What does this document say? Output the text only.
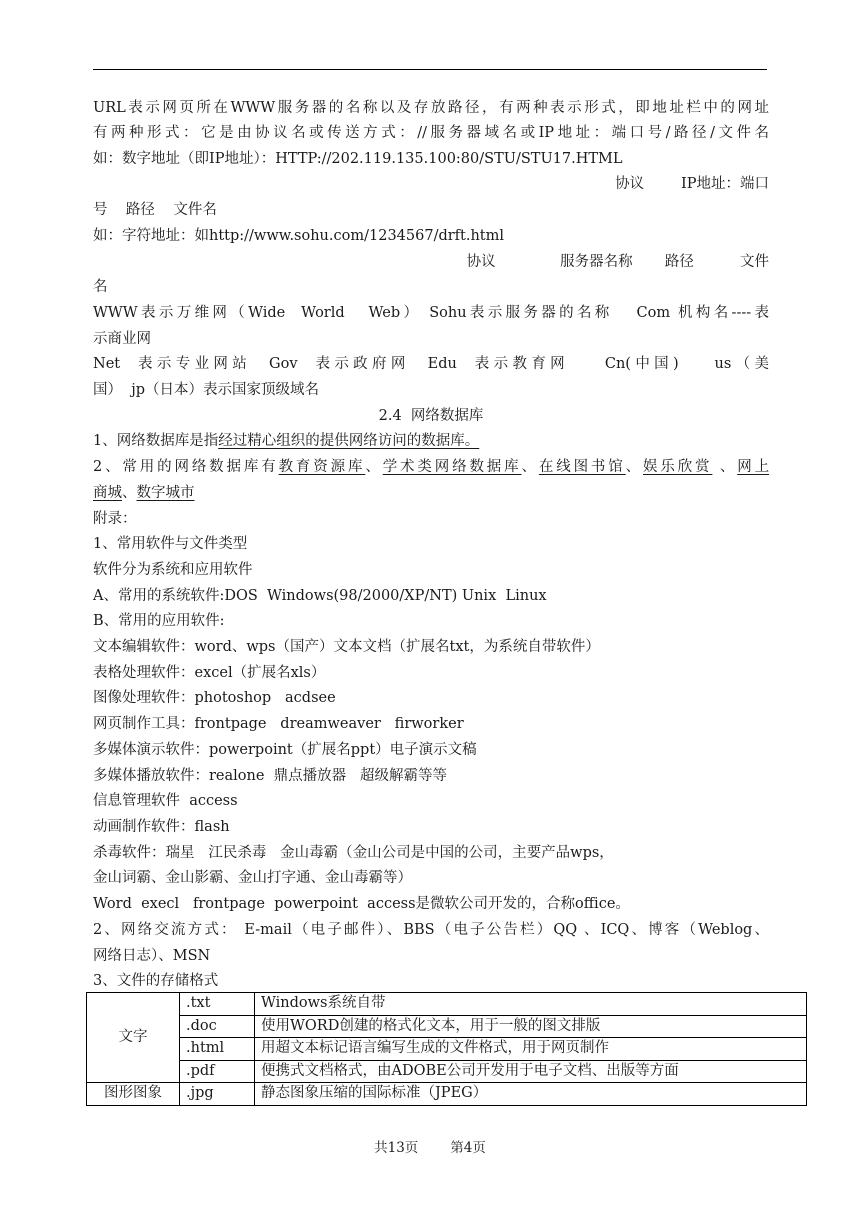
URL表示网页所在WWW服务器的名称以及存放路径，有两种表示形式，即地址栏中的网址

有两种形式：它是由协议名或传送方式：//服务器域名或IP地址：端口号/路径/文件名

如：数字地址（即IP地址）：HTTP://202.119.135.100:80/STU/STU17.HTML

协议        IP地址：端口

号    路径    文件名

如：字符地址：如http://www.sohu.com/1234567/drft.html

协议              服务器名称       路径          文件

名

WWW表示万维网（Wide  World   Web） Sohu表示服务器的名称   Com 机构名----表

示商业网

Net  表示专业网站  Gov  表示政府网  Edu  表示教育网    Cn(中国)    us（美

国）  jp（日本）表示国家顶级域名

2.4  网络数据库

1、网络数据库是指经过精心组织的提供网络访问的数据库。

2、常用的网络数据库有教育资源库、学术类网络数据库、在线图书馆、娱乐欣赏 、网上

商城、数字城市

附录：

1、常用软件与文件类型

软件分为系统和应用软件

A、常用的系统软件:DOS  Windows(98/2000/XP/NT) Unix  Linux

B、常用的应用软件:

文本编辑软件：word、wps（国产）文本文档（扩展名txt，为系统自带软件）

表格处理软件：excel（扩展名xls）

图像处理软件：photoshop   acdsee

网页制作工具：frontpage   dreamweaver   firworker

多媒体演示软件：powerpoint（扩展名ppt）电子演示文稿

多媒体播放软件：realone  鼎点播放器   超级解霸等等

信息管理软件  access

动画制作软件：flash

杀毒软件：瑞星   江民杀毒   金山毒霸（金山公司是中国的公司，主要产品wps，

金山词霸、金山影霸、金山打字通、金山毒霸等）

Word  execl   frontpage  powerpoint  access是微软公司开发的，合称office。

2、网络交流方式： E-mail（电子邮件）、BBS（电子公告栏）QQ 、ICQ、博客（Weblog、

网络日志）、MSN

3、文件的存储格式

文字	.txt	Windows系统自带
	.doc	使用WORD创建的格式化文本，用于一般的图文排版
	.html	用超文本标记语言编写生成的文件格式，用于网页制作
	.pdf	便携式文档格式，由ADOBE公司开发用于电子文档、出版等方面
图形图象	.jpg	静态图象压缩的国际标准（JPEG）
共13页 第4页
